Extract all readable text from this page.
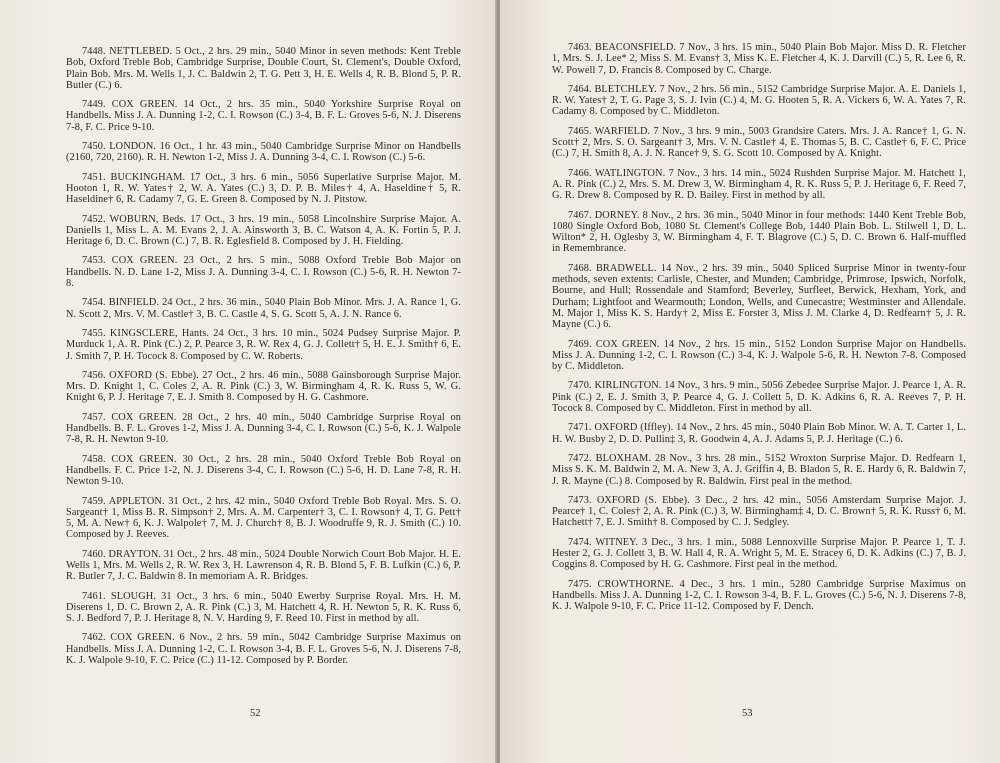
7448. NETTLEBED. 5 Oct., 2 hrs. 29 min., 5040 Minor in seven methods: Kent Treble Bob, Oxford Treble Bob, Cambridge Surprise, Double Court, St. Clement's, Double Oxford, Plain Bob. Mrs. M. Wells 1, J. C. Baldwin 2, T. G. Pett 3, H. E. Wells 4, R. B. Blond 5, P. R. Butler (C.) 6.

7449. COX GREEN. 14 Oct., 2 hrs. 35 min., 5040 Yorkshire Surprise Royal on Handbells. Miss J. A. Dunning 1-2, C. I. Rowson (C.) 3-4, B. F. L. Groves 5-6, N. J. Diserens 7-8, F. C. Price 9-10.

7450. LONDON. 16 Oct., 1 hr. 43 min., 5040 Cambridge Surprise Minor on Handbells (2160, 720, 2160). R. H. Newton 1-2, Miss J. A. Dunning 3-4, C. I. Rowson (C.) 5-6.

7451. BUCKINGHAM. 17 Oct., 3 hrs. 6 min., 5056 Superlative Surprise Major. M. Hooton 1, R. W. Yates† 2, W. A. Yates (C.) 3, D. P. B. Miles† 4, A. Haseldine† 5, R. Haseldine† 6, R. Cadamy 7, G. E. Green 8. Composed by N. J. Pitstow.

7452. WOBURN, Beds. 17 Oct., 3 hrs. 19 min., 5058 Lincolnshire Surprise Major. A. Daniells 1, Miss L. A. M. Evans 2, J. A. Ainsworth 3, B. C. Watson 4, A. K. Fortin 5, P. J. Heritage 6, D. C. Brown (C.) 7, B. R. Eglesfield 8. Composed by J. H. Fielding.

7453. COX GREEN. 23 Oct., 2 hrs. 5 min., 5088 Oxford Treble Bob Major on Handbells. N. D. Lane 1-2, Miss J. A. Dunning 3-4, C. I. Rowson (C.) 5-6, R. H. Newton 7-8.

7454. BINFIELD. 24 Oct., 2 hrs. 36 min., 5040 Plain Bob Minor. Mrs. J. A. Rance 1, G. N. Scott 2, Mrs. V. M. Castle† 3, B. C. Castle 4, S. G. Scott 5, A. J. N. Rance 6.

7455. KINGSCLERE, Hants. 24 Oct., 3 hrs. 10 min., 5024 Pudsey Surprise Major. P. Murduck 1, A. R. Pink (C.) 2, P. Pearce 3, R. W. Rex 4, G. J. Collett† 5, H. E. J. Smith† 6, E. J. Smith 7, P. H. Tocock 8. Composed by C. W. Roberts.

7456. OXFORD (S. Ebbe). 27 Oct., 2 hrs. 46 min., 5088 Gainsborough Surprise Major. Mrs. D. Knight 1, C. Coles 2, A. R. Pink (C.) 3, W. Birmingham 4, R. K. Russ 5, W. G. Knight 6, P. J. Heritage 7, E. J. Smith 8. Composed by H. G. Cashmore.

7457. COX GREEN. 28 Oct., 2 hrs. 40 min., 5040 Cambridge Surprise Royal on Handbells. B. F. L. Groves 1-2, Miss J. A. Dunning 3-4, C. I. Rowson (C.) 5-6, K. J. Walpole 7-8, R. H. Newton 9-10.

7458. COX GREEN. 30 Oct., 2 hrs. 28 min., 5040 Oxford Treble Bob Royal on Handbells. F. C. Price 1-2, N. J. Diserens 3-4, C. I. Rowson (C.) 5-6, H. D. Lane 7-8, R. H. Newton 9-10.

7459. APPLETON. 31 Oct., 2 hrs. 42 min., 5040 Oxford Treble Bob Royal. Mrs. S. O. Sargeant† 1, Miss B. R. Simpson† 2, Mrs. A. M. Carpenter† 3, C. I. Rowson† 4, T. G. Pett† 5, M. A. New† 6, K. J. Walpole† 7, M. J. Church† 8, B. J. Woodruffe 9, R. J. Smith (C.) 10. Composed by J. Reeves.

7460. DRAYTON. 31 Oct., 2 hrs. 48 min., 5024 Double Norwich Court Bob Major. H. E. Wells 1, Mrs. M. Wells 2, R. W. Rex 3, H. Lawrenson 4, R. B. Blond 5, F. B. Lufkin (C.) 6, P. R. Butler 7, J. C. Baldwin 8. In memoriam A. R. Bridges.

7461. SLOUGH. 31 Oct., 3 hrs. 6 min., 5040 Ewerby Surprise Royal. Mrs. H. M. Diserens 1, D. C. Brown 2, A. R. Pink (C.) 3, M. Hatchett 4, R. H. Newton 5, R. K. Russ 6, S. J. Bedford 7, P. J. Heritage 8, N. V. Harding 9, F. Reed 10. First in method by all.

7462. COX GREEN. 6 Nov., 2 hrs. 59 min., 5042 Cambridge Surprise Maximus on Handbells. Miss J. A. Dunning 1-2, C. I. Rowson 3-4, B. F. L. Groves 5-6, N. J. Diserens 7-8, K. J. Walpole 9-10, F. C. Price (C.) 11-12. Composed by P. Border.

52

7463. BEACONSFIELD. 7 Nov., 3 hrs. 15 min., 5040 Plain Bob Major. Miss D. R. Fletcher 1, Mrs. S. J. Lee* 2, Miss S. M. Evans† 3, Miss K. E. Fletcher 4, K. J. Darvill (C.) 5, R. Lee 6, R. W. Powell 7, D. Francis 8. Composed by C. Charge.

7464. BLETCHLEY. 7 Nov., 2 hrs. 56 min., 5152 Cambridge Surprise Major. A. E. Daniels 1, R. W. Yates† 2, T. G. Page 3, S. J. Ivin (C.) 4, M. G. Hooten 5, R. A. Vickers 6, W. A. Yates 7, R. Cadamy 8. Composed by C. Middleton.

7465. WARFIELD. 7 Nov., 3 hrs. 9 min., 5003 Grandsire Caters. Mrs. J. A. Rance† 1, G. N. Scott† 2, Mrs. S. O. Sargeant† 3, Mrs. V. N. Castle† 4, E. Thomas 5, B. C. Castle† 6, F. C. Price (C.) 7, H. Smith 8, A. J. N. Rance† 9, S. G. Scott 10. Composed by A. Knight.

7466. WATLINGTON. 7 Nov., 3 hrs. 14 min., 5024 Rushden Surprise Major. M. Hatchett 1, A. R. Pink (C.) 2, Mrs. S. M. Drew 3, W. Birmingham 4, R. K. Russ 5, P. J. Heritage 6, F. Reed 7, G. R. Drew 8. Composed by R. D. Bailey. First in method by all.

7467. DORNEY. 8 Nov., 2 hrs. 36 min., 5040 Minor in four methods: 1440 Kent Treble Bob, 1080 Single Oxford Bob, 1080 St. Clement's College Bob, 1440 Plain Bob. L. Stilwell 1, D. L. Wilton* 2, H. Oglesby 3, W. Birmingham 4, F. T. Blagrove (C.) 5, D. C. Brown 6. Half-muffled in Remembrance.

7468. BRADWELL. 14 Nov., 2 hrs. 39 min., 5040 Spliced Surprise Minor in twenty-four methods, seven extents: Carlisle, Chester, and Munden; Cambridge, Primrose, Ipswich, Norfolk, Bourne, and Hull; Rossendale and Stamford; Beverley, Surfleet, Berwick, Hexham, York, and Durham; Lightfoot and Wearmouth; London, Wells, and Cunecastre; Westminster and Allendale. M. Major 1, Miss K. S. Hardy† 2, Miss E. Forster 3, Miss J. M. Clarke 4, D. Redfearn† 5, J. R. Mayne (C.) 6.

7469. COX GREEN. 14 Nov., 2 hrs. 15 min., 5152 London Surprise Major on Handbells. Miss J. A. Dunning 1-2, C. I. Rowson (C.) 3-4, K. J. Walpole 5-6, R. H. Newton 7-8. Composed by C. Middleton.

7470. KIRLINGTON. 14 Nov., 3 hrs. 9 min., 5056 Zebedee Surprise Major. J. Pearce 1, A. R. Pink (C.) 2, E. J. Smith 3, P. Pearce 4, G. J. Collett 5, D. K. Adkins 6, R. A. Reeves 7, P. H. Tocock 8. Composed by C. Middleton. First in method by all.

7471. OXFORD (Iffley). 14 Nov., 2 hrs. 45 min., 5040 Plain Bob Minor. W. A. T. Carter 1, L. H. W. Busby 2, D. D. Pullin‡ 3, R. Goodwin 4, A. J. Adams 5, P. J. Heritage (C.) 6.

7472. BLOXHAM. 28 Nov., 3 hrs. 28 min., 5152 Wroxton Surprise Major. D. Redfearn 1, Miss S. K. M. Baldwin 2, M. A. New 3, A. J. Griffin 4, B. Bladon 5, R. E. Hardy 6, R. Baldwin 7, J. R. Mayne (C.) 8. Composed by R. Baldwin. First peal in the method.

7473. OXFORD (S. Ebbe). 3 Dec., 2 hrs. 42 min., 5056 Amsterdam Surprise Major. J. Pearce† 1, C. Coles† 2, A. R. Pink (C.) 3, W. Birmingham‡ 4, D. C. Brown† 5, R. K. Russ† 6, M. Hatchett† 7, E. J. Smith† 8. Composed by C. J. Sedgley.

7474. WITNEY. 3 Dec., 3 hrs. 1 min., 5088 Lennoxville Surprise Major. P. Pearce 1, T. J. Hester 2, G. J. Collett 3, B. W. Hall 4, R. A. Wright 5, M. E. Stracey 6, D. K. Adkins (C.) 7, B. J. Coggins 8. Composed by H. G. Cashmore. First peal in the method.

7475. CROWTHORNE. 4 Dec., 3 hrs. 1 min., 5280 Cambridge Surprise Maximus on Handbells. Miss J. A. Dunning 1-2, C. I. Rowson 3-4, B. F. L. Groves (C.) 5-6, N. J. Diserens 7-8, K. J. Walpole 9-10, F. C. Price 11-12. Composed by F. Dench.

53
